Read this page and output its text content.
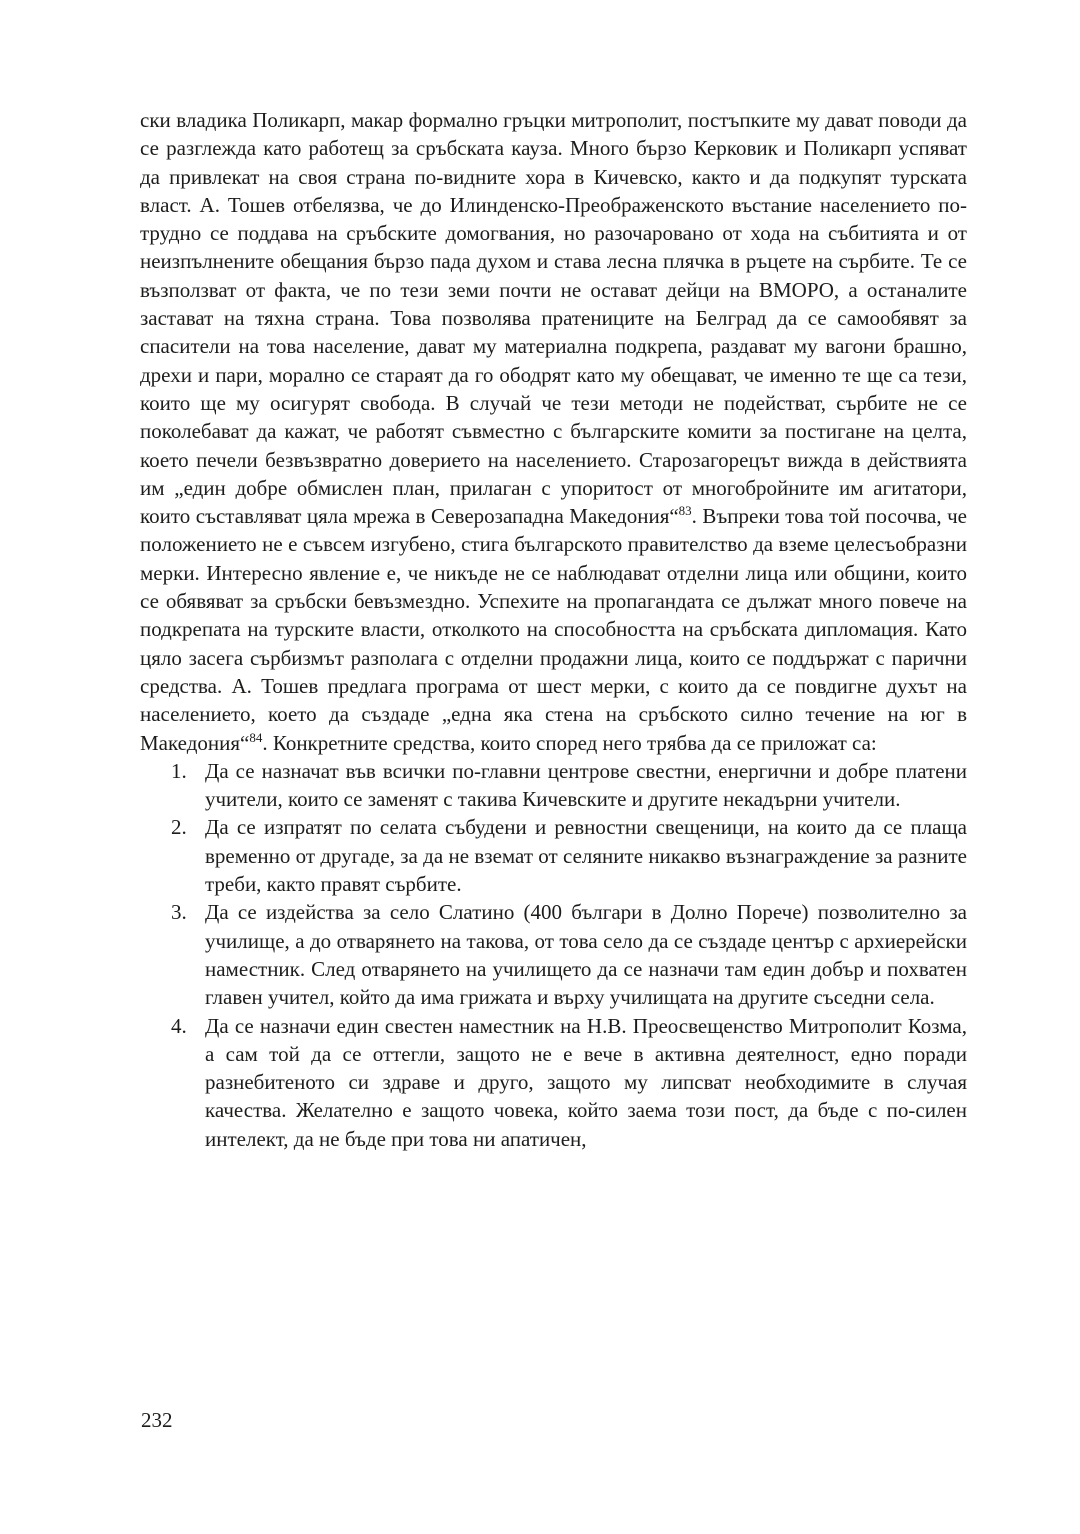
ски владика Поликарп, макар формално гръцки митрополит, постъпките му дават поводи да се разглежда като работещ за сръбската кауза. Много бързо Керковик и Поликарп успяват да привлекат на своя страна по-видните хора в Кичевско, както и да подкупят турската власт. А. Тошев отбелязва, че до Илинденско-Преображенското въстание населението по-трудно се поддава на сръбските домогвания, но разочаровано от хода на събитията и от неизпълнените обещания бързо пада духом и става лесна плячка в ръцете на сърбите. Те се възползват от факта, че по тези земи почти не остават дейци на ВМОРО, а останалите застават на тяхна страна. Това позволява пратениците на Белград да се самообявят за спасители на това население, дават му материална подкрепа, раздават му вагони брашно, дрехи и пари, морално се стараят да го ободрят като му обещават, че именно те ще са тези, които ще му осигурят свобода. В случай че тези методи не подействат, сърбите не се поколебават да кажат, че работят съвместно с българските комити за постигане на целта, което печели безвъзвратно доверието на населението. Старозагорецът вижда в действията им „един добре обмислен план, прилаган с упоритост от многобройните им агитатори, които съставляват цяла мрежа в Северозападна Македония“$^{83}$. Въпреки това той посочва, че положението не е съвсем изгубено, стига българското правителство да вземе целесъобразни мерки. Интересно явление е, че никъде не се наблюдават отделни лица или общини, които се обявяват за сръбски бевъзмездно. Успехите на пропагандата се дължат много повече на подкрепата на турските власти, отколкото на способността на сръбската дипломация. Като цяло засега сърбизмът разполага с отделни продажни лица, които се поддържат с парични средства. А. Тошев предлага програма от шест мерки, с които да се повдигне духът на населението, което да създаде „една яка стена на сръбското силно течение на юг в Македония“$^{84}$. Конкретните средства, които според него трябва да се приложат са:

1. Да се назначат във всички по-главни центрове свестни, енергични и добре платени учители, които се заменят с такива Кичевските и другите некадърни учители.
2. Да се изпратят по селата събудени и ревностни свещеници, на които да се плаща временно от другаде, за да не вземат от селяните никакво възнаграждение за разните треби, както правят сърбите.
3. Да се издейства за село Слатино (400 българи в Долно Порече) позволително за училище, а до отварянето на такова, от това село да се създаде център с архиерейски наместник. След отварянето на училището да се назначи там един добър и похватен главен учител, който да има грижата и върху училищата на другите съседни села.
4. Да се назначи един свестен наместник на Н.В. Преосвещенство Митрополит Козма, а сам той да се оттегли, защото не е вече в активна деятелност, едно поради разнебитеното си здраве и друго, защото му липсват необходимите в случая качества. Желателно е защото човека, който заема този пост, да бъде с по-силен интелект, да не бъде при това ни апатичен,
232
